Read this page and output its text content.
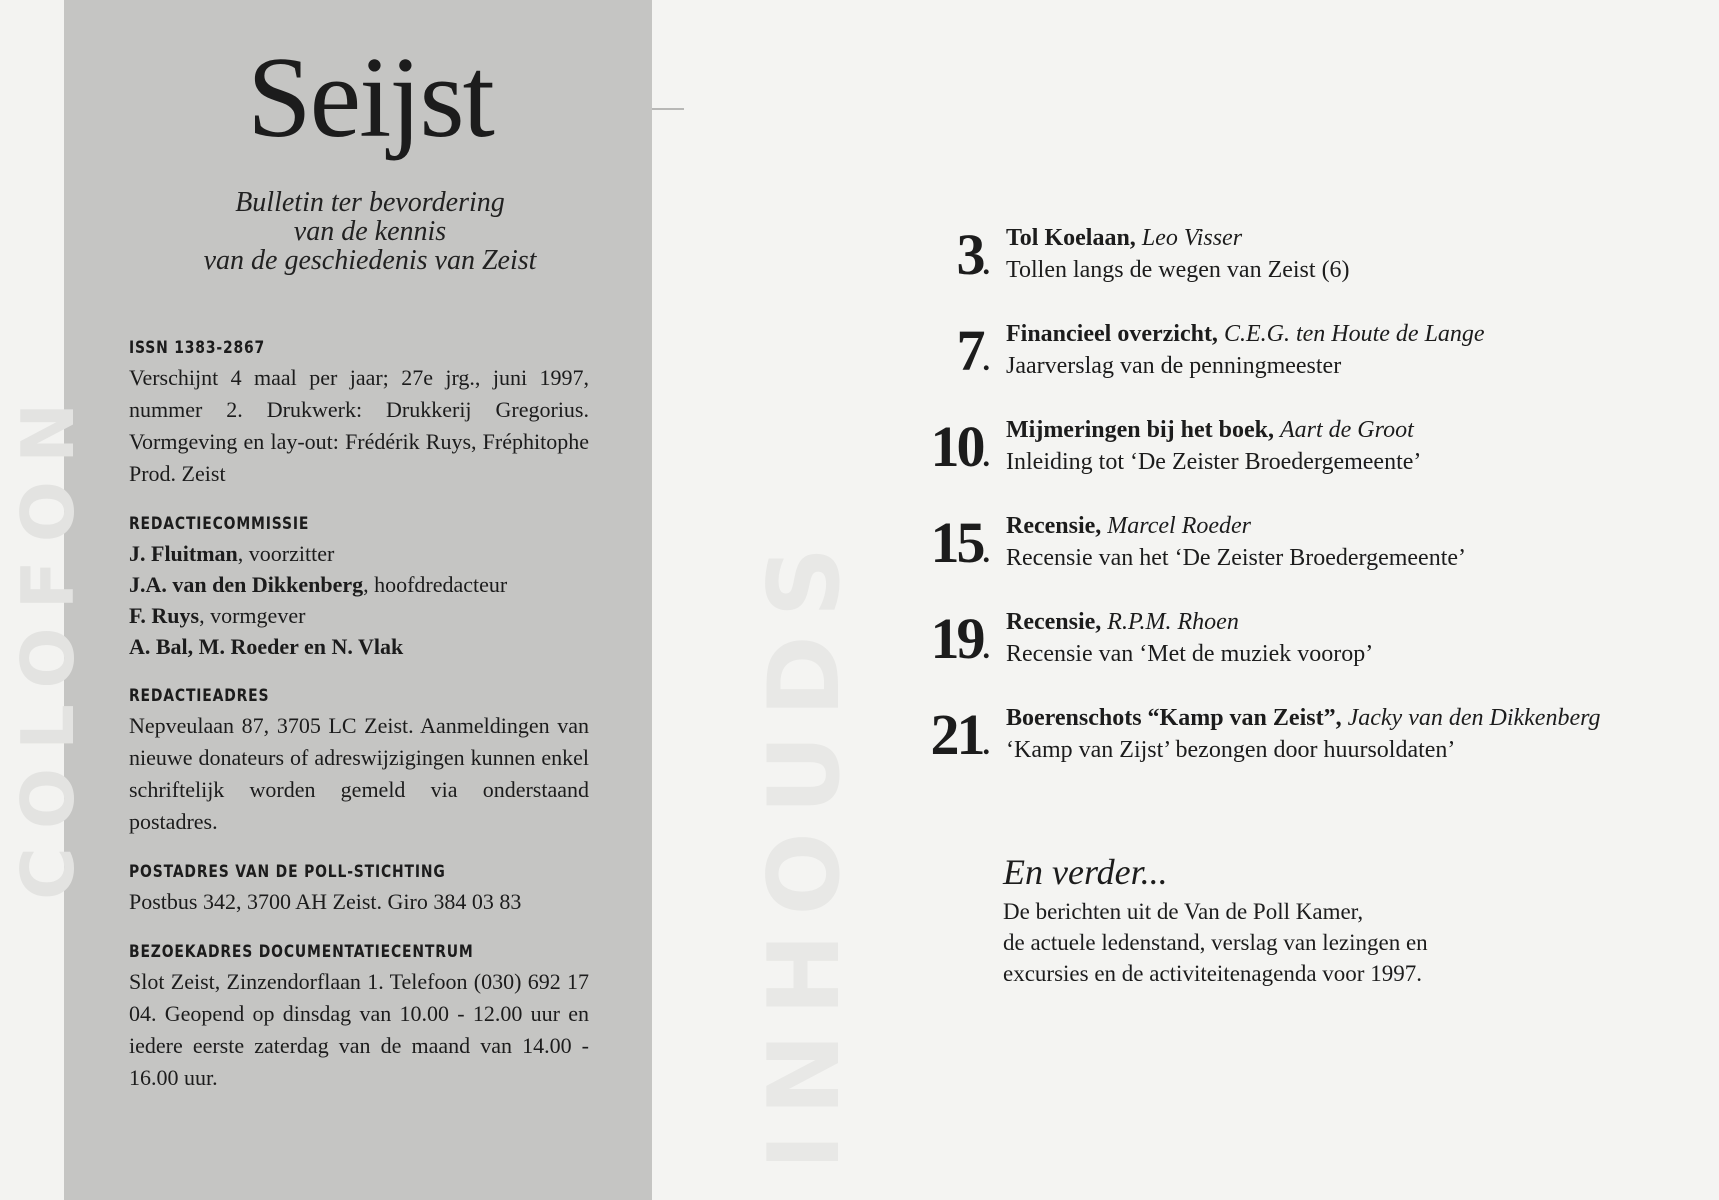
COLOFON	INHOUDS
Seijst
Bulletin ter bevordering
van de kennis
van de geschiedenis van Zeist
ISSN 1383-2867
Verschijnt 4 maal per jaar; 27e jrg., juni 1997, nummer 2. Drukwerk: Drukkerij Gregorius. Vormgeving en lay-out: Frédérik Ruys, Fréphitophe Prod. Zeist
REDACTIECOMMISSIE
J. Fluitman, voorzitter
J.A. van den Dikkenberg, hoofdredacteur
F. Ruys, vormgever
A. Bal, M. Roeder en N. Vlak
REDACTIEADRES
Nepveulaan 87, 3705 LC Zeist. Aanmeldingen van nieuwe donateurs of adreswijzigingen kunnen enkel schriftelijk worden gemeld via onderstaand postadres.
POSTADRES VAN DE POLL-STICHTING
Postbus 342, 3700 AH Zeist. Giro 384 03 83
BEZOEKADRES DOCUMENTATIECENTRUM
Slot Zeist, Zinzendorflaan 1. Telefoon (030) 692 17 04. Geopend op dinsdag van 10.00 - 12.00 uur en iedere eerste zaterdag van de maand van 14.00 - 16.00 uur.
3.
Tol Koelaan, Leo Visser
Tollen langs de wegen van Zeist (6)
7.
Financieel overzicht, C.E.G. ten Houte de Lange
Jaarverslag van de penningmeester
10.
Mijmeringen bij het boek, Aart de Groot
Inleiding tot ‘De Zeister Broedergemeente’
15.
Recensie, Marcel Roeder
Recensie van het ‘De Zeister Broedergemeente’
19.
Recensie, R.P.M. Rhoen
Recensie van ‘Met de muziek voorop’
21.
Boerenschots “Kamp van Zeist”, Jacky van den Dikkenberg
‘Kamp van Zijst’ bezongen door huursoldaten’
En verder...
De berichten uit de Van de Poll Kamer,
de actuele ledenstand, verslag van lezingen en
excursies en de activiteitenagenda voor 1997.
